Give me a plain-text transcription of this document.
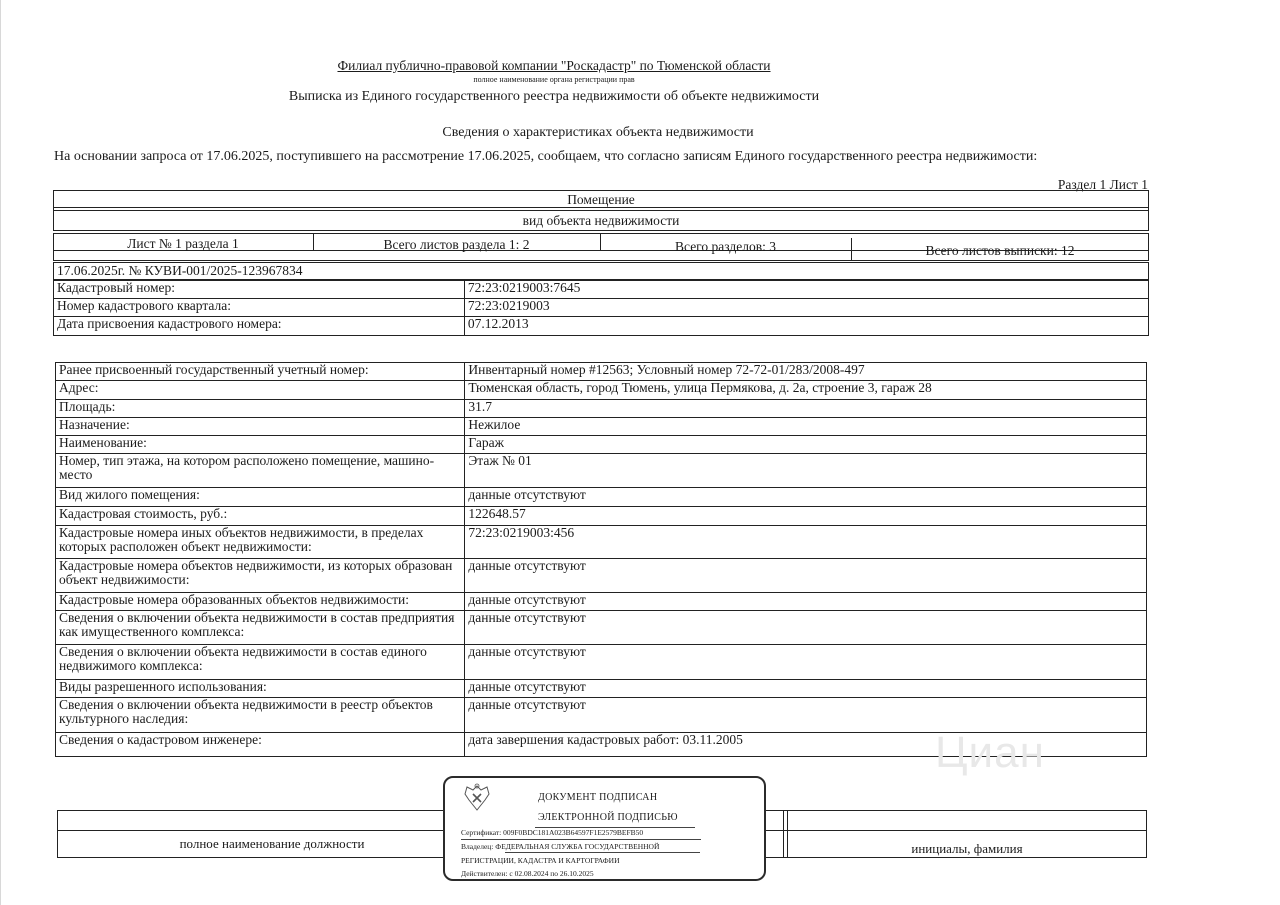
Филиал публично-правовой компании "Роскадастр" по Тюменской области
полное наименование органа регистрации прав
Выписка из Единого государственного реестра недвижимости об объекте недвижимости
Сведения о характеристиках объекта недвижимости
На основании запроса от 17.06.2025, поступившего на рассмотрение 17.06.2025, сообщаем, что согласно записям Единого государственного реестра недвижимости:
Раздел 1 Лист 1
Помещение
вид объекта недвижимости
Лист № 1 раздела 1	Всего листов раздела 1: 2	Всего разделов: 3	Всего листов выписки: 12
17.06.2025г. № КУВИ-001/2025-123967834
Кадастровый номер:	72:23:0219003:7645
Номер кадастрового квартала:	72:23:0219003
Дата присвоения кадастрового номера:	07.12.2013
Ранее присвоенный государственный учетный номер:	Инвентарный номер #12563; Условный номер 72-72-01/283/2008-497
Адрес:	Тюменская область, город Тюмень, улица Пермякова, д. 2а, строение 3, гараж 28
Площадь:	31.7
Назначение:	Нежилое
Наименование:	Гараж
Номер, тип этажа, на котором расположено помещение, машино-место	Этаж № 01
Вид жилого помещения:	данные отсутствуют
Кадастровая стоимость, руб.:	122648.57
Кадастровые номера иных объектов недвижимости, в пределах которых расположен объект недвижимости:	72:23:0219003:456
Кадастровые номера объектов недвижимости, из которых образован объект недвижимости:	данные отсутствуют
Кадастровые номера образованных объектов недвижимости:	данные отсутствуют
Сведения о включении объекта недвижимости в состав предприятия как имущественного комплекса:	данные отсутствуют
Сведения о включении объекта недвижимости в состав единого недвижимого комплекса:	данные отсутствуют
Виды разрешенного использования:	данные отсутствуют
Сведения о включении объекта недвижимости в реестр объектов культурного наследия:	данные отсутствуют
Сведения о кадастровом инженере:	дата завершения кадастровых работ: 03.11.2005	Циан
полное наименование должности	инициалы, фамилия
ДОКУМЕНТ ПОДПИСАН
ЭЛЕКТРОННОЙ ПОДПИСЬЮ
Сертификат: 009F0BDC181A023B64597F1E2579BEFB50
Владелец: ФЕДЕРАЛЬНАЯ СЛУЖБА ГОСУДАРСТВЕННОЙ
РЕГИСТРАЦИИ, КАДАСТРА И КАРТОГРАФИИ
Действителен: с 02.08.2024 по 26.10.2025
